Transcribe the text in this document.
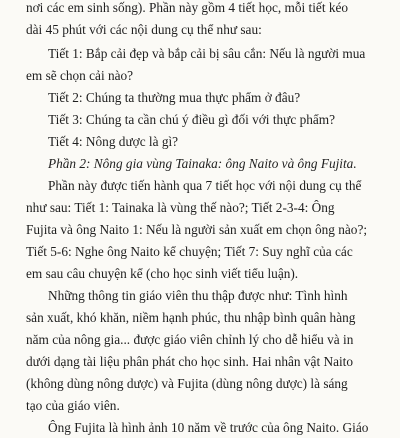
nơi các em sinh sống). Phần này gồm 4 tiết học, mỗi tiết kéo
dài 45 phút với các nội dung cụ thể như sau:
Tiết 1: Bắp cải đẹp và bắp cải bị sâu cắn: Nếu là người mua
em sẽ chọn cải nào?
Tiết 2: Chúng ta thường mua thực phẩm ở đâu?
Tiết 3: Chúng ta cần chú ý điều gì đối với thực phẩm?
Tiết 4: Nông dược là gì?
Phần 2: Nông gia vùng Tainaka: ông Naito và ông Fujita.
Phần này được tiến hành qua 7 tiết học với nội dung cụ thể
như sau: Tiết 1: Tainaka là vùng thế nào?; Tiết 2-3-4: Ông
Fujita và ông Naito 1: Nếu là người sản xuất em chọn ông nào?;
Tiết 5-6: Nghe ông Naito kể chuyện; Tiết 7: Suy nghĩ của các
em sau câu chuyện kể (cho học sinh viết tiểu luận).
Những thông tin giáo viên thu thập được như: Tình hình
sản xuất, khó khăn, niềm hạnh phúc, thu nhập bình quân hàng
năm của nông gia... được giáo viên chỉnh lý cho dễ hiểu và in
dưới dạng tài liệu phân phát cho học sinh. Hai nhân vật Naito
(không dùng nông dược) và Fujita (dùng nông dược) là sáng
tạo của giáo viên.
Ông Fujita là hình ảnh 10 năm về trước của ông Naito. Giáo
